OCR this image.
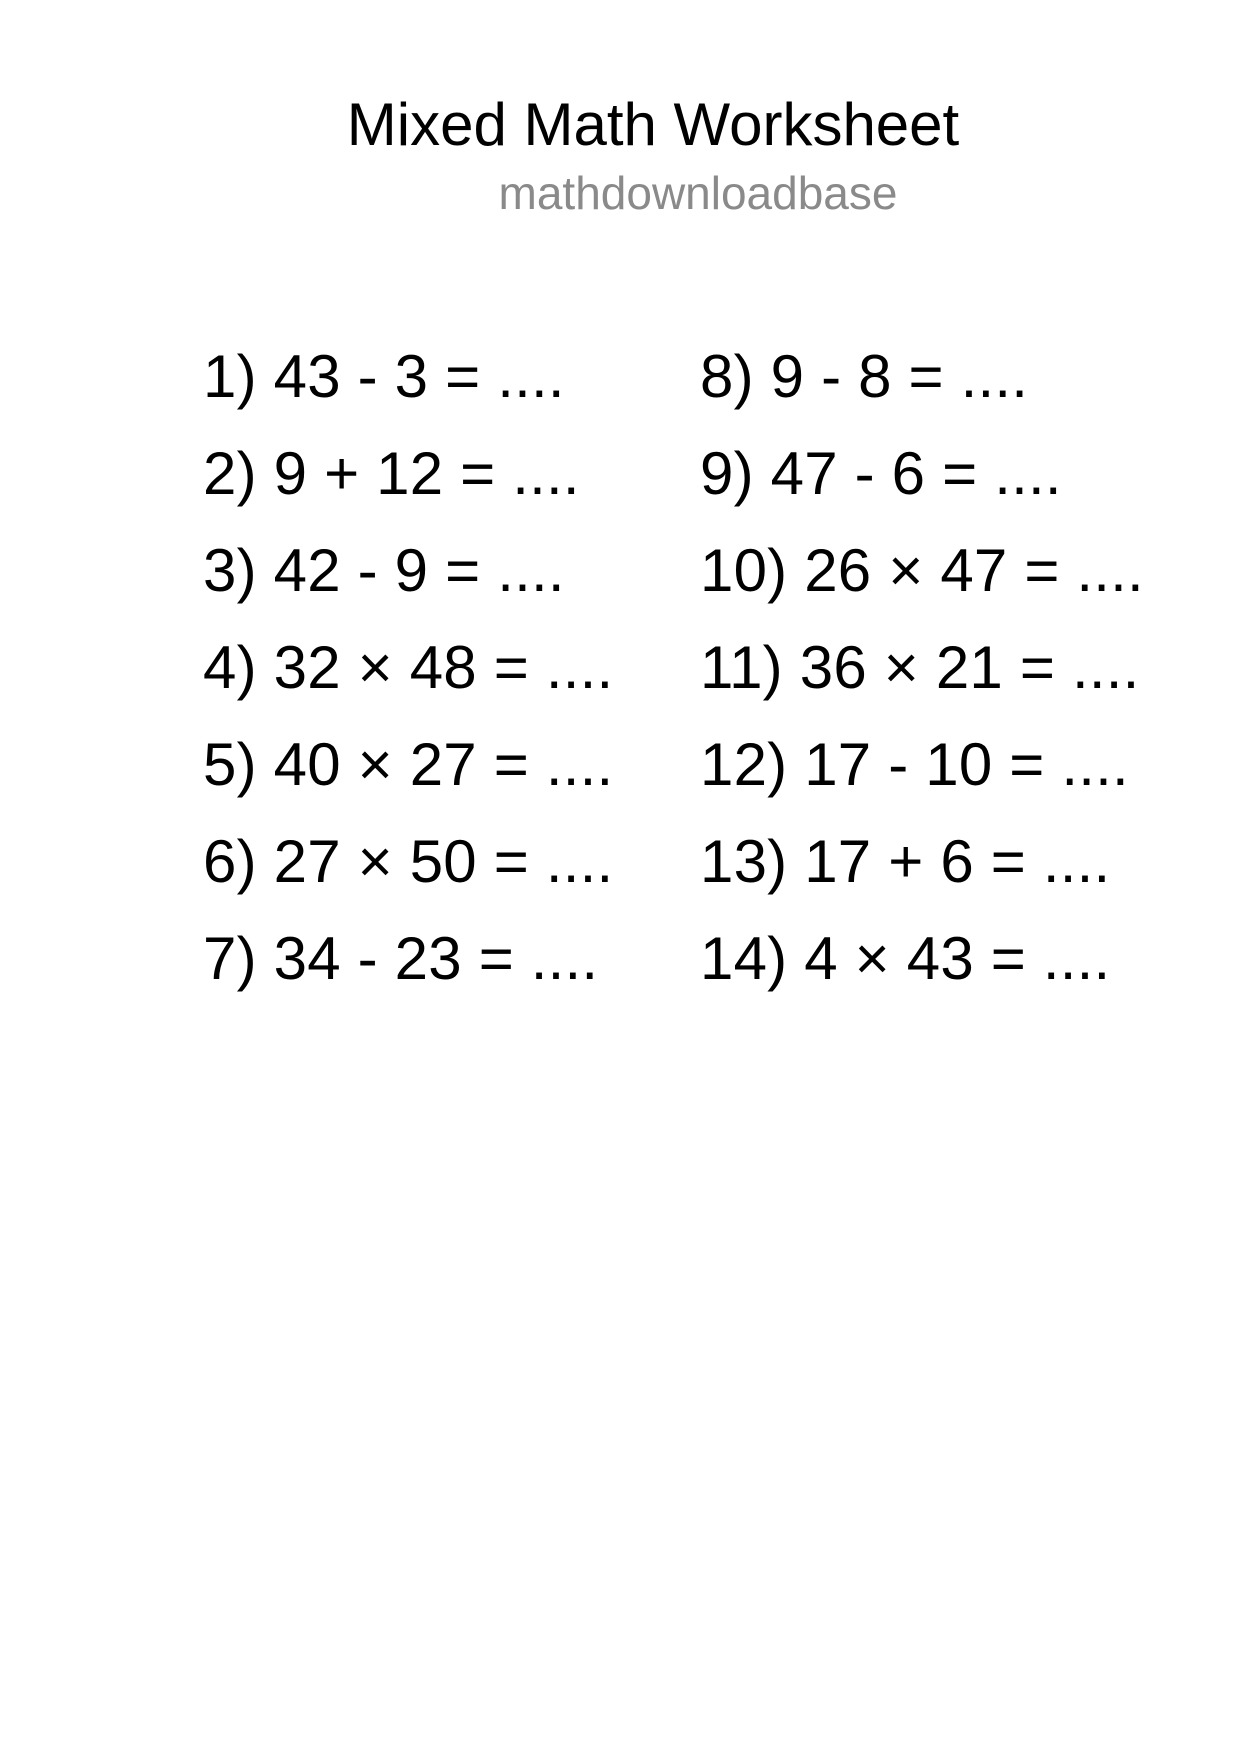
Mixed Math Worksheet
mathdownloadbase
1) 43 - 3 = ....
2) 9 + 12 = ....
3) 42 - 9 = ....
4) 32 × 48 = ....
5) 40 × 27 = ....
6) 27 × 50 = ....
7) 34 - 23 = ....
8) 9 - 8 = ....
9) 47 - 6 = ....
10) 26 × 47 = ....
11) 36 × 21 = ....
12) 17 - 10 = ....
13) 17 + 6 = ....
14) 4 × 43 = ....
